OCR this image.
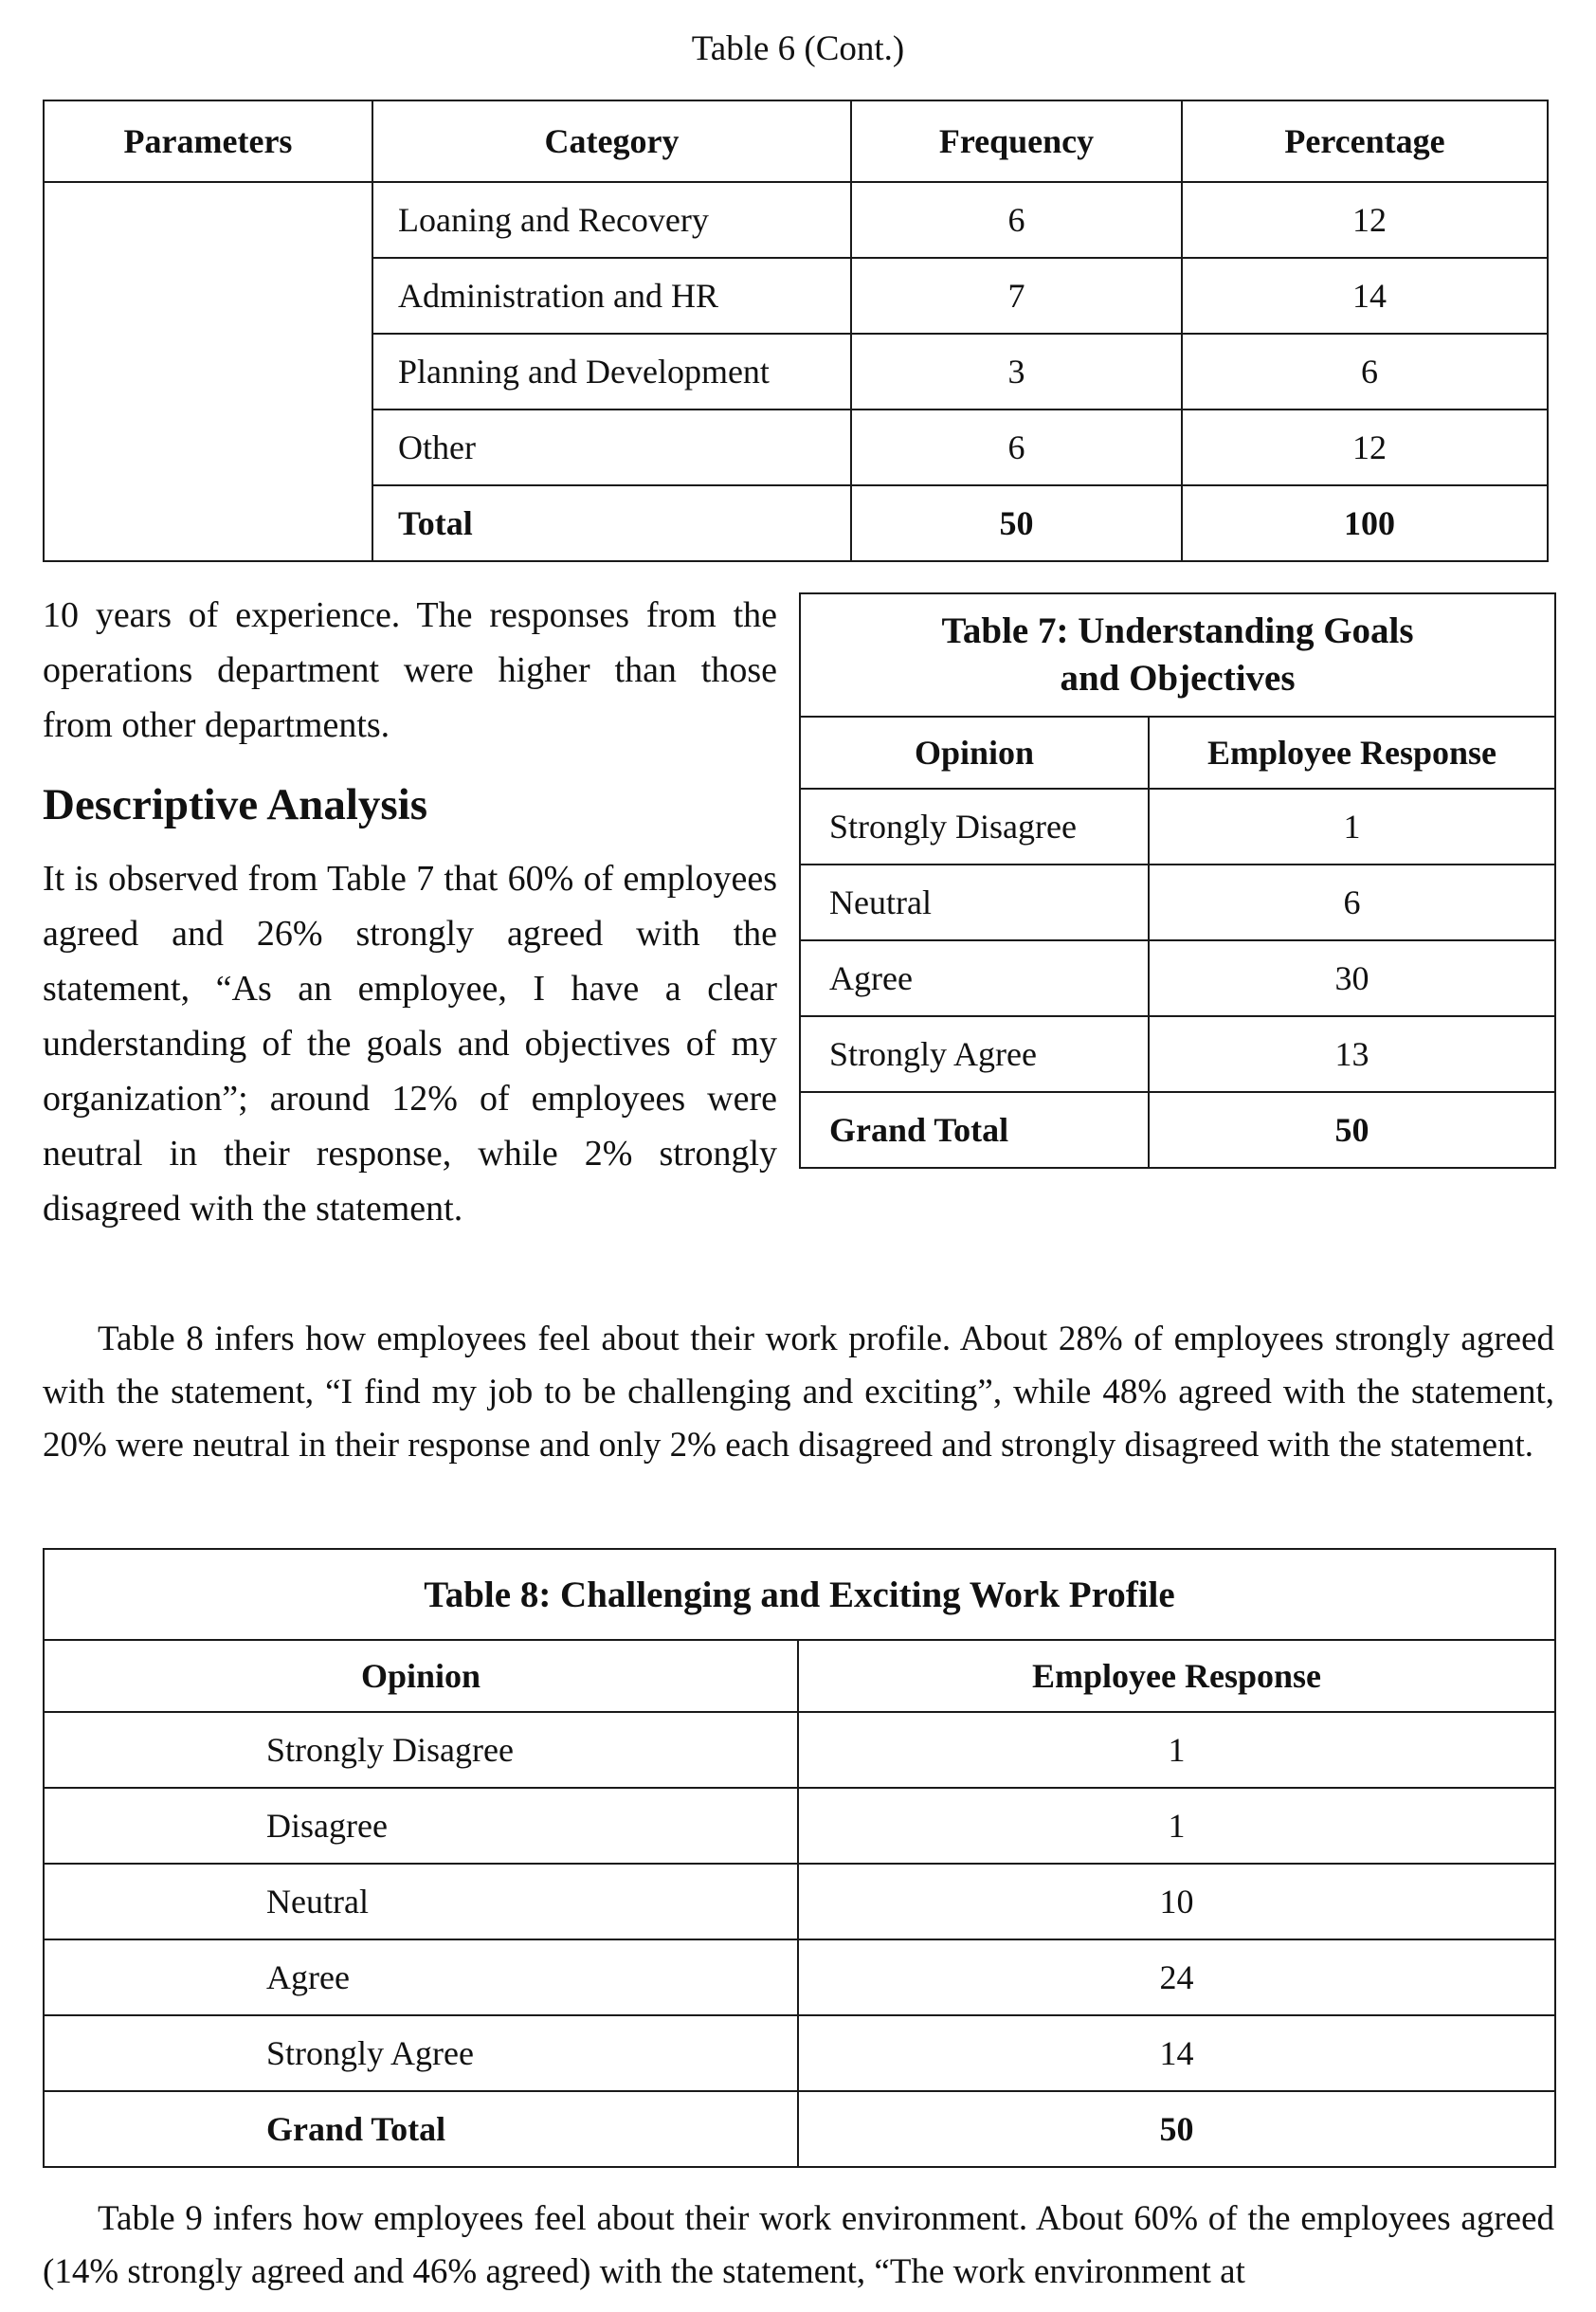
Table 6 (Cont.)
Parameters	Category	Frequency	Percentage
	Loaning and Recovery	6	12
	Administration and HR	7	14
	Planning and Development	3	6
	Other	6	12
	Total	50	100
10 years of experience. The responses from the operations department were higher than those from other departments.
Descriptive Analysis
It is observed from Table 7 that 60% of employees agreed and 26% strongly agreed with the statement, “As an employee, I have a clear understanding of the goals and objectives of my organization”; around 12% of employees were neutral in their response, while 2% strongly disagreed with the statement.
Table 7: Understanding Goals
and Objectives	

Opinion	Employee Response
Strongly Disagree	1
Neutral	6
Agree	30
Strongly Agree	13
Grand Total	50
Table 8 infers how employees feel about their work profile. About 28% of employees strongly agreed with the statement, “I find my job to be challenging and exciting”, while 48% agreed with the statement, 20% were neutral in their response and only 2% each disagreed and strongly disagreed with the statement.
Table 8: Challenging and Exciting Work Profile	
Opinion	Employee Response
Strongly Disagree	1
Disagree	1
Neutral	10
Agree	24
Strongly Agree	14
Grand Total	50
Table 9 infers how employees feel about their work environment. About 60% of the employees agreed (14% strongly agreed and 46% agreed) with the statement, “The work environment at
